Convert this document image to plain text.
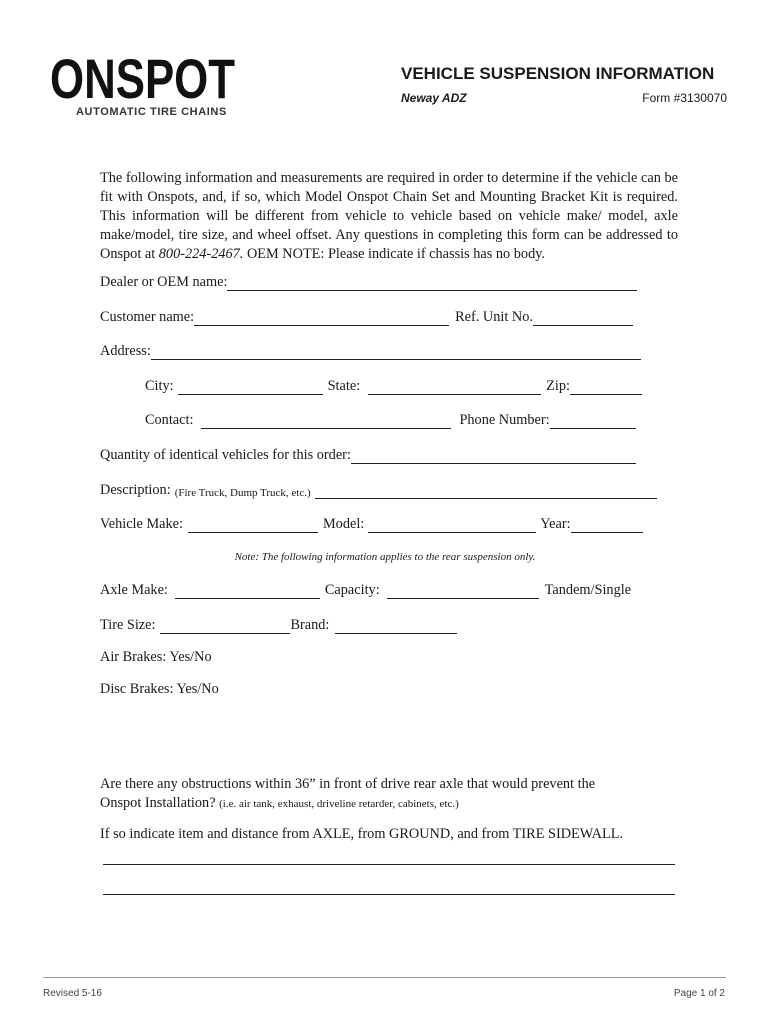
ONSPOT
AUTOMATIC TIRE CHAINS
VEHICLE SUSPENSION INFORMATION
Neway ADZ	Form #3130070
The following information and measurements are required in order to determine if the vehicle can be fit with Onspots, and, if so, which Model Onspot Chain Set and Mounting Bracket Kit is required. This information will be different from vehicle to vehicle based on vehicle make/ model, axle make/model, tire size, and wheel offset. Any questions in completing this form can be addressed to Onspot at 800-224-2467. OEM NOTE: Please indicate if chassis has no body.
Dealer or OEM name:
Customer name:	Ref. Unit No.
Address:
City:	State:	Zip:
Contact:	Phone Number:
Quantity of identical vehicles for this order:
Description: (Fire Truck, Dump Truck, etc.)
Vehicle Make:	Model:	Year:
Note: The following information applies to the rear suspension only.
Axle Make:	Capacity:	Tandem/Single
Tire Size:	Brand:
Air Brakes: Yes/No
Disc Brakes: Yes/No
Are there any obstructions within 36” in front of drive rear axle that would prevent the
Onspot Installation? (i.e. air tank, exhaust, driveline retarder, cabinets, etc.)
If so indicate item and distance from AXLE, from GROUND, and from TIRE SIDEWALL.
Revised 5-16	Page 1 of 2
